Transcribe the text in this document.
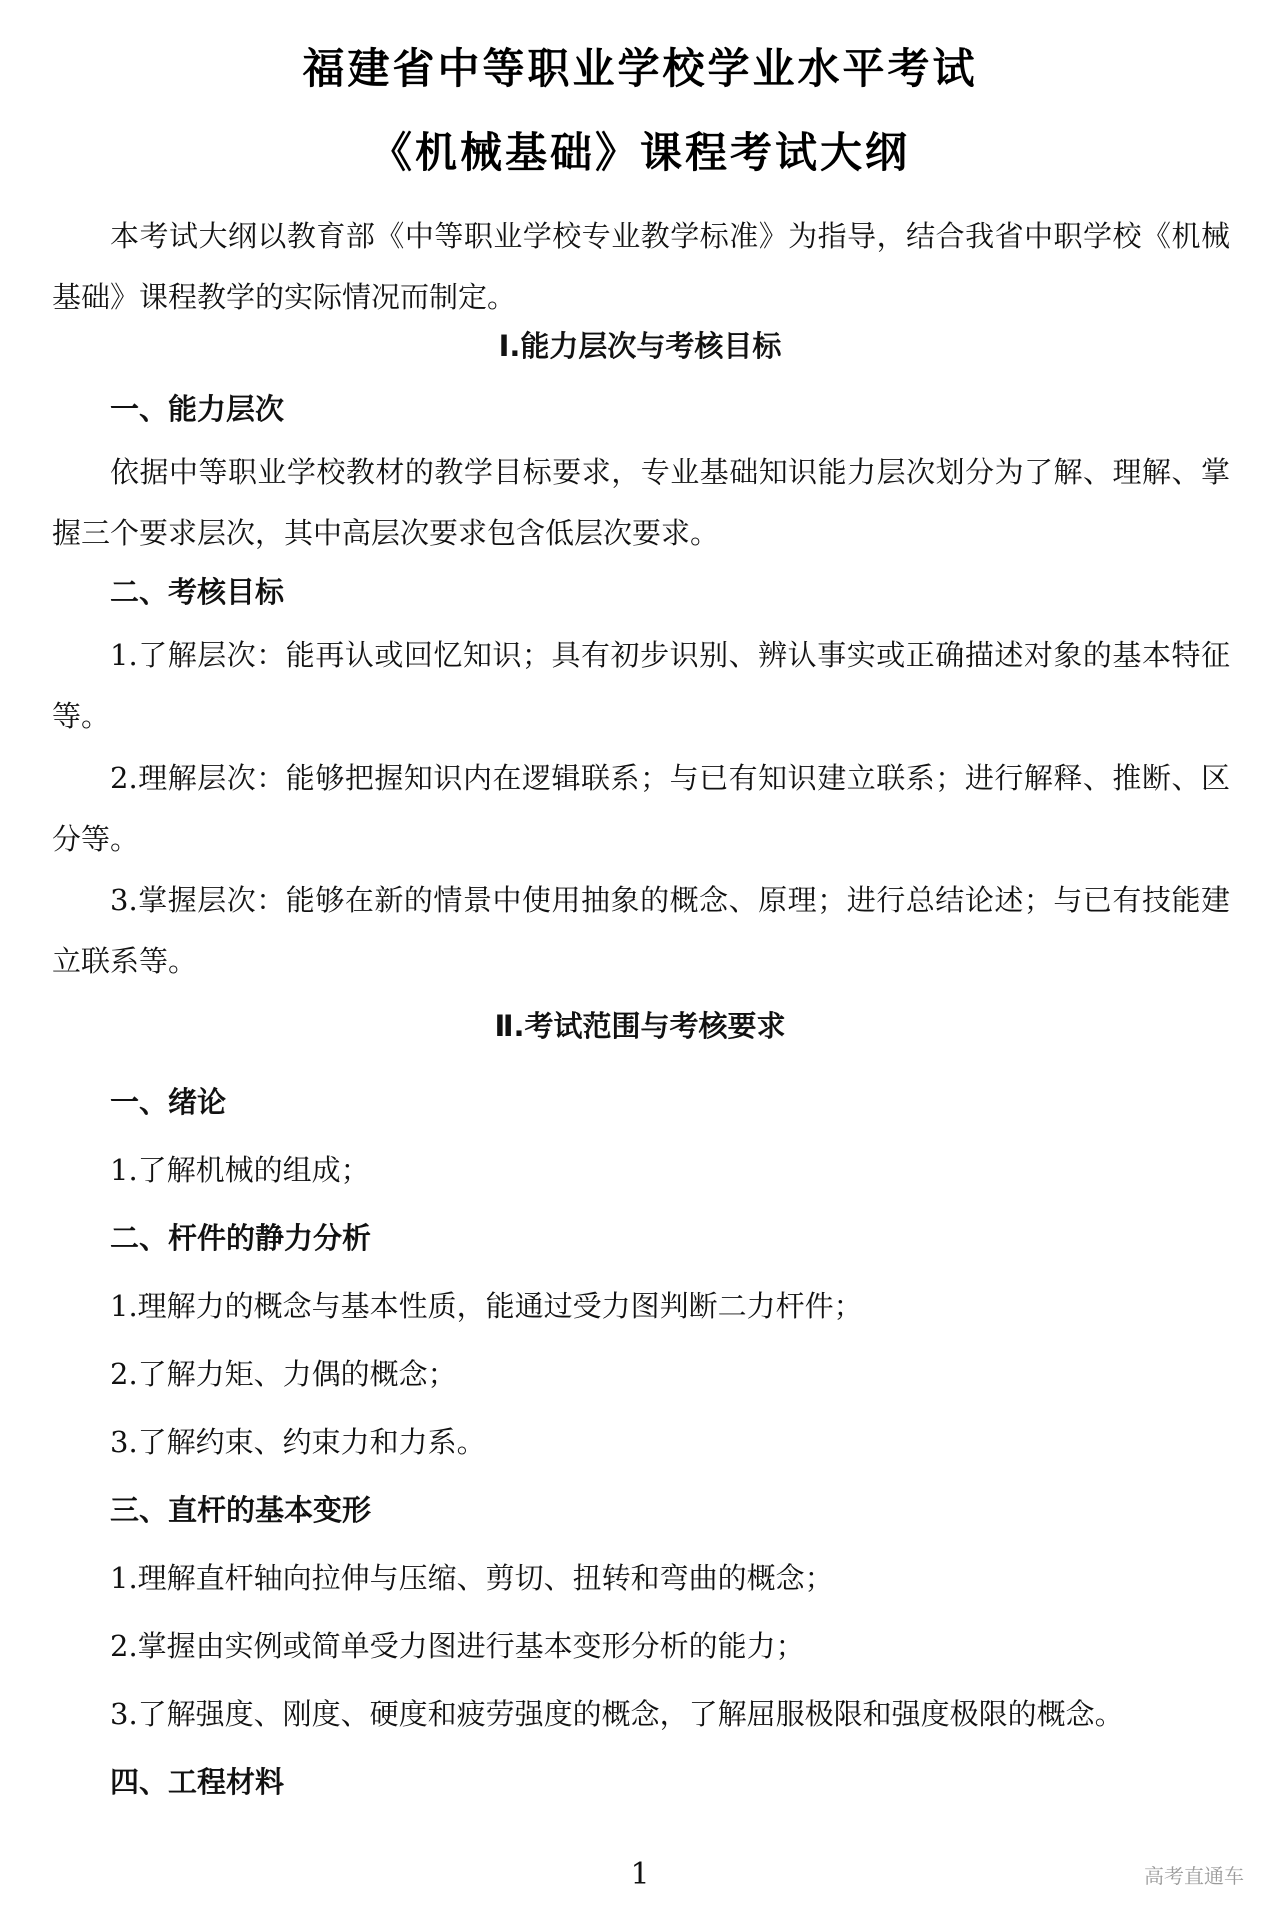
福建省中等职业学校学业水平考试
《机械基础》课程考试大纲

本考试大纲以教育部《中等职业学校专业教学标准》为指导，结合我省中职学校《机械基础》课程教学的实际情况而制定。

Ⅰ.能力层次与考核目标
一、能力层次

依据中等职业学校教材的教学目标要求，专业基础知识能力层次划分为了解、理解、掌握三个要求层次，其中高层次要求包含低层次要求。

二、考核目标

1.了解层次：能再认或回忆知识；具有初步识别、辨认事实或正确描述对象的基本特征等。

2.理解层次：能够把握知识内在逻辑联系；与已有知识建立联系；进行解释、推断、区分等。

3.掌握层次：能够在新的情景中使用抽象的概念、原理；进行总结论述；与已有技能建立联系等。

Ⅱ.考试范围与考核要求
一、绪论
1.了解机械的组成；
二、杆件的静力分析
1.理解力的概念与基本性质，能通过受力图判断二力杆件；
2.了解力矩、力偶的概念；
3.了解约束、约束力和力系。
三、直杆的基本变形
1.理解直杆轴向拉伸与压缩、剪切、扭转和弯曲的概念；
2.掌握由实例或简单受力图进行基本变形分析的能力；
3.了解强度、刚度、硬度和疲劳强度的概念，了解屈服极限和强度极限的概念。
四、工程材料
1	高考直通车
